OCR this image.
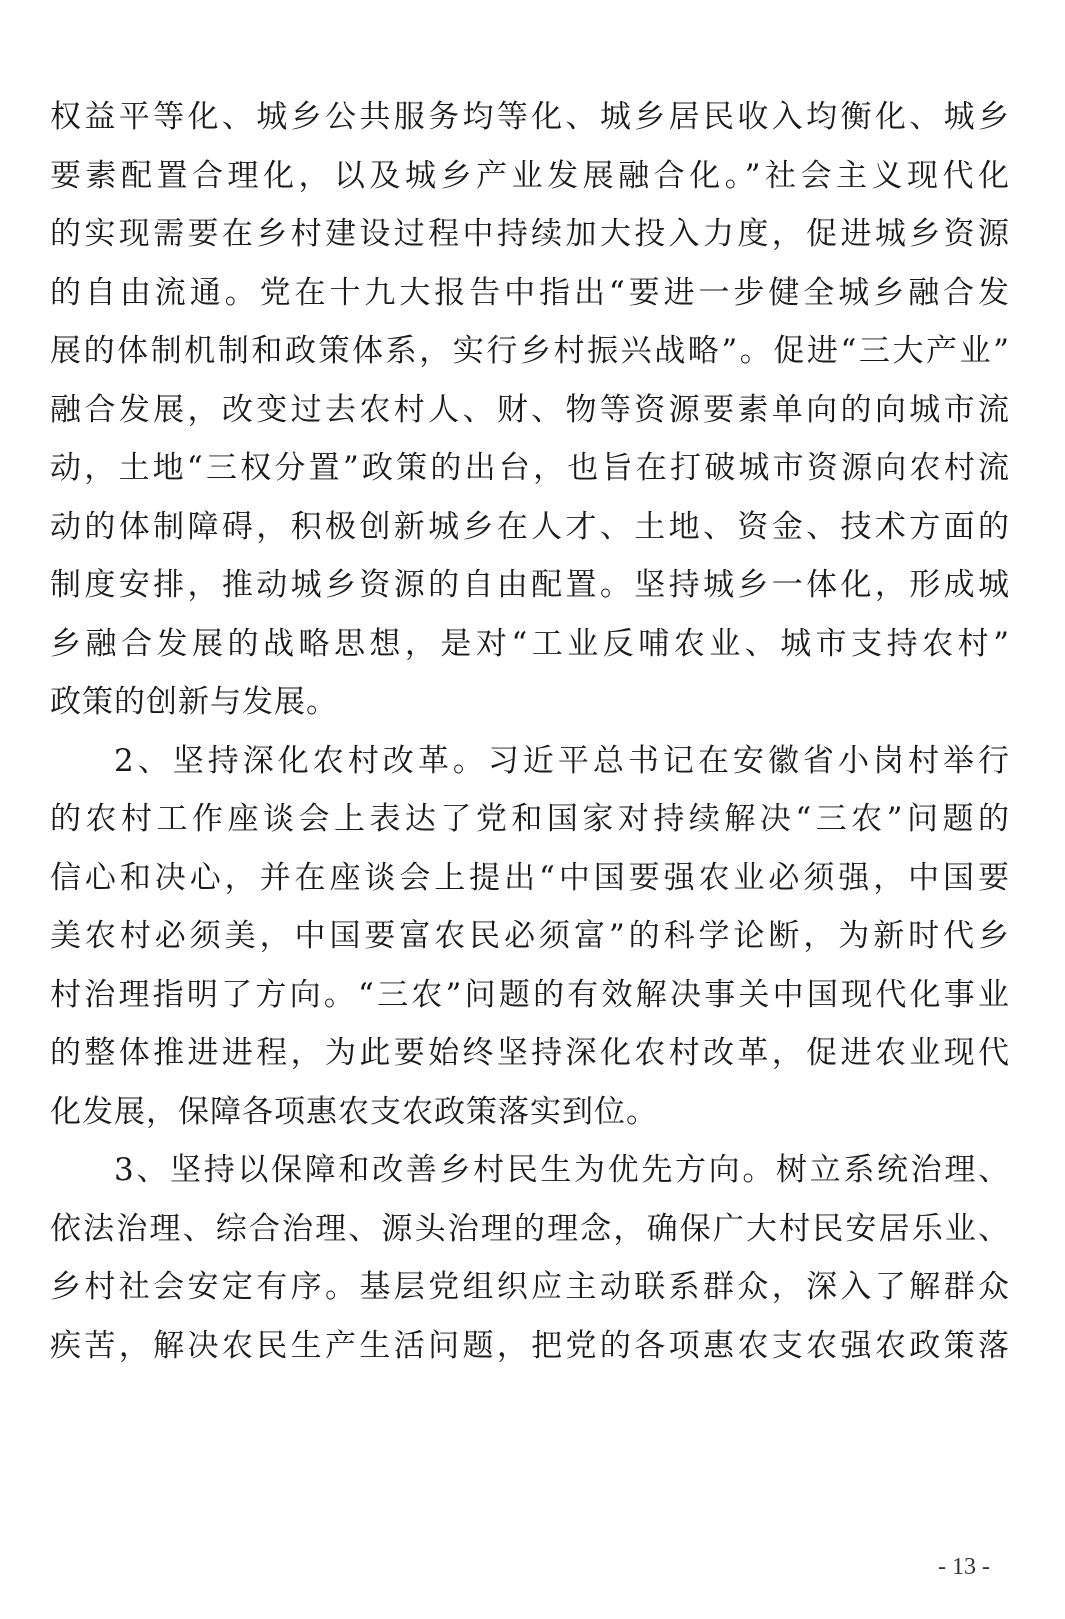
权益平等化、城乡公共服务均等化、城乡居民收入均衡化、城乡
要素配置合理化，以及城乡产业发展融合化。”社会主义现代化
的实现需要在乡村建设过程中持续加大投入力度，促进城乡资源
的自由流通。党在十九大报告中指出“要进一步健全城乡融合发
展的体制机制和政策体系，实行乡村振兴战略”。促进“三大产业”
融合发展，改变过去农村人、财、物等资源要素单向的向城市流
动，土地“三权分置”政策的出台，也旨在打破城市资源向农村流
动的体制障碍，积极创新城乡在人才、土地、资金、技术方面的
制度安排，推动城乡资源的自由配置。坚持城乡一体化，形成城
乡融合发展的战略思想，是对“工业反哺农业、城市支持农村”
政策的创新与发展。
2、坚持深化农村改革。习近平总书记在安徽省小岗村举行
的农村工作座谈会上表达了党和国家对持续解决“三农”问题的
信心和决心，并在座谈会上提出“中国要强农业必须强，中国要
美农村必须美，中国要富农民必须富”的科学论断，为新时代乡
村治理指明了方向。“三农”问题的有效解决事关中国现代化事业
的整体推进进程，为此要始终坚持深化农村改革，促进农业现代
化发展，保障各项惠农支农政策落实到位。
3、坚持以保障和改善乡村民生为优先方向。树立系统治理、
依法治理、综合治理、源头治理的理念，确保广大村民安居乐业、
乡村社会安定有序。基层党组织应主动联系群众，深入了解群众
疾苦，解决农民生产生活问题，把党的各项惠农支农强农政策落
- 13 -
